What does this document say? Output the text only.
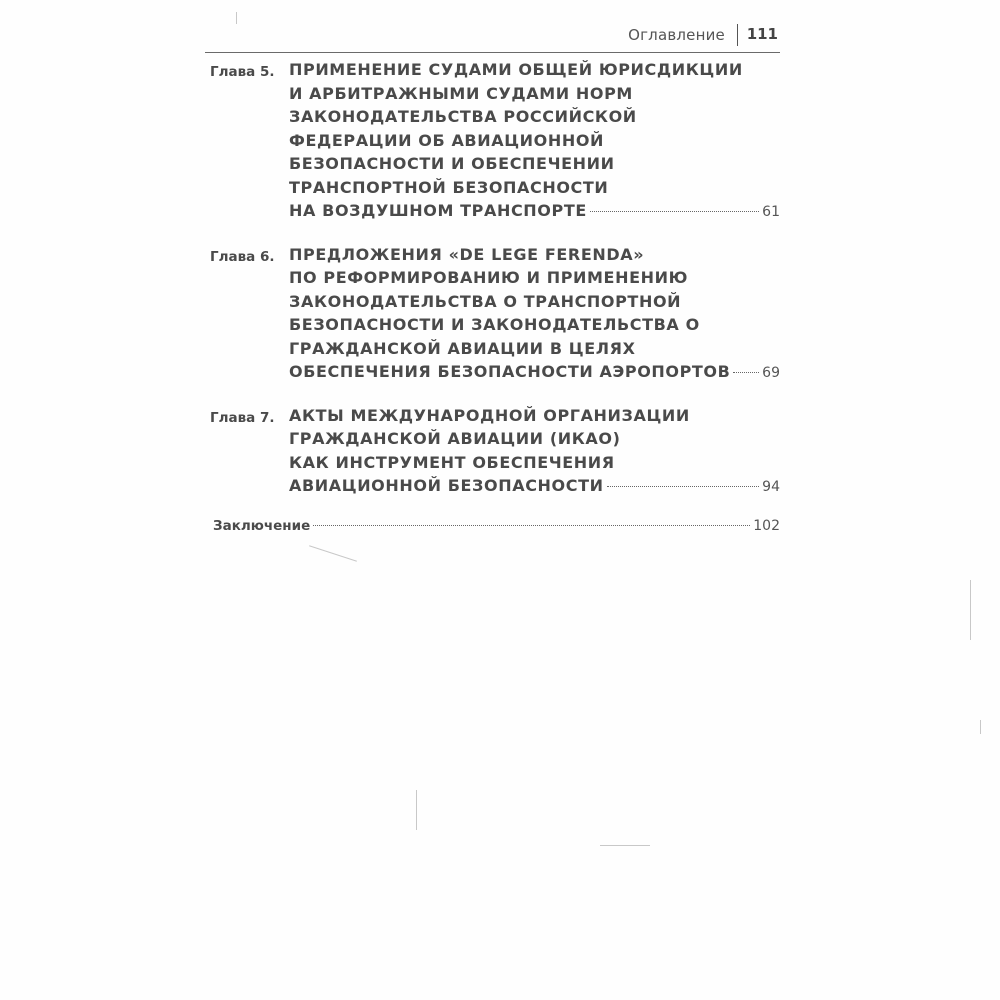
Оглавление 111
Глава 5. ПРИМЕНЕНИЕ СУДАМИ ОБЩЕЙ ЮРИСДИКЦИИ
И АРБИТРАЖНЫМИ СУДАМИ НОРМ
ЗАКОНОДАТЕЛЬСТВА РОССИЙСКОЙ
ФЕДЕРАЦИИ ОБ АВИАЦИОННОЙ
БЕЗОПАСНОСТИ И ОБЕСПЕЧЕНИИ
ТРАНСПОРТНОЙ БЕЗОПАСНОСТИ
НА ВОЗДУШНОМ ТРАНСПОРТЕ	61
Глава 6. ПРЕДЛОЖЕНИЯ «DE LEGE FERENDA»
ПО РЕФОРМИРОВАНИЮ И ПРИМЕНЕНИЮ
ЗАКОНОДАТЕЛЬСТВА О ТРАНСПОРТНОЙ
БЕЗОПАСНОСТИ И ЗАКОНОДАТЕЛЬСТВА О
ГРАЖДАНСКОЙ АВИАЦИИ В ЦЕЛЯХ
ОБЕСПЕЧЕНИЯ БЕЗОПАСНОСТИ АЭРОПОРТОВ 69
Глава 7. АКТЫ МЕЖДУНАРОДНОЙ ОРГАНИЗАЦИИ
ГРАЖДАНСКОЙ АВИАЦИИ (ИКАО)
КАК ИНСТРУМЕНТ ОБЕСПЕЧЕНИЯ
АВИАЦИОННОЙ БЕЗОПАСНОСТИ	94
Заключение	102
